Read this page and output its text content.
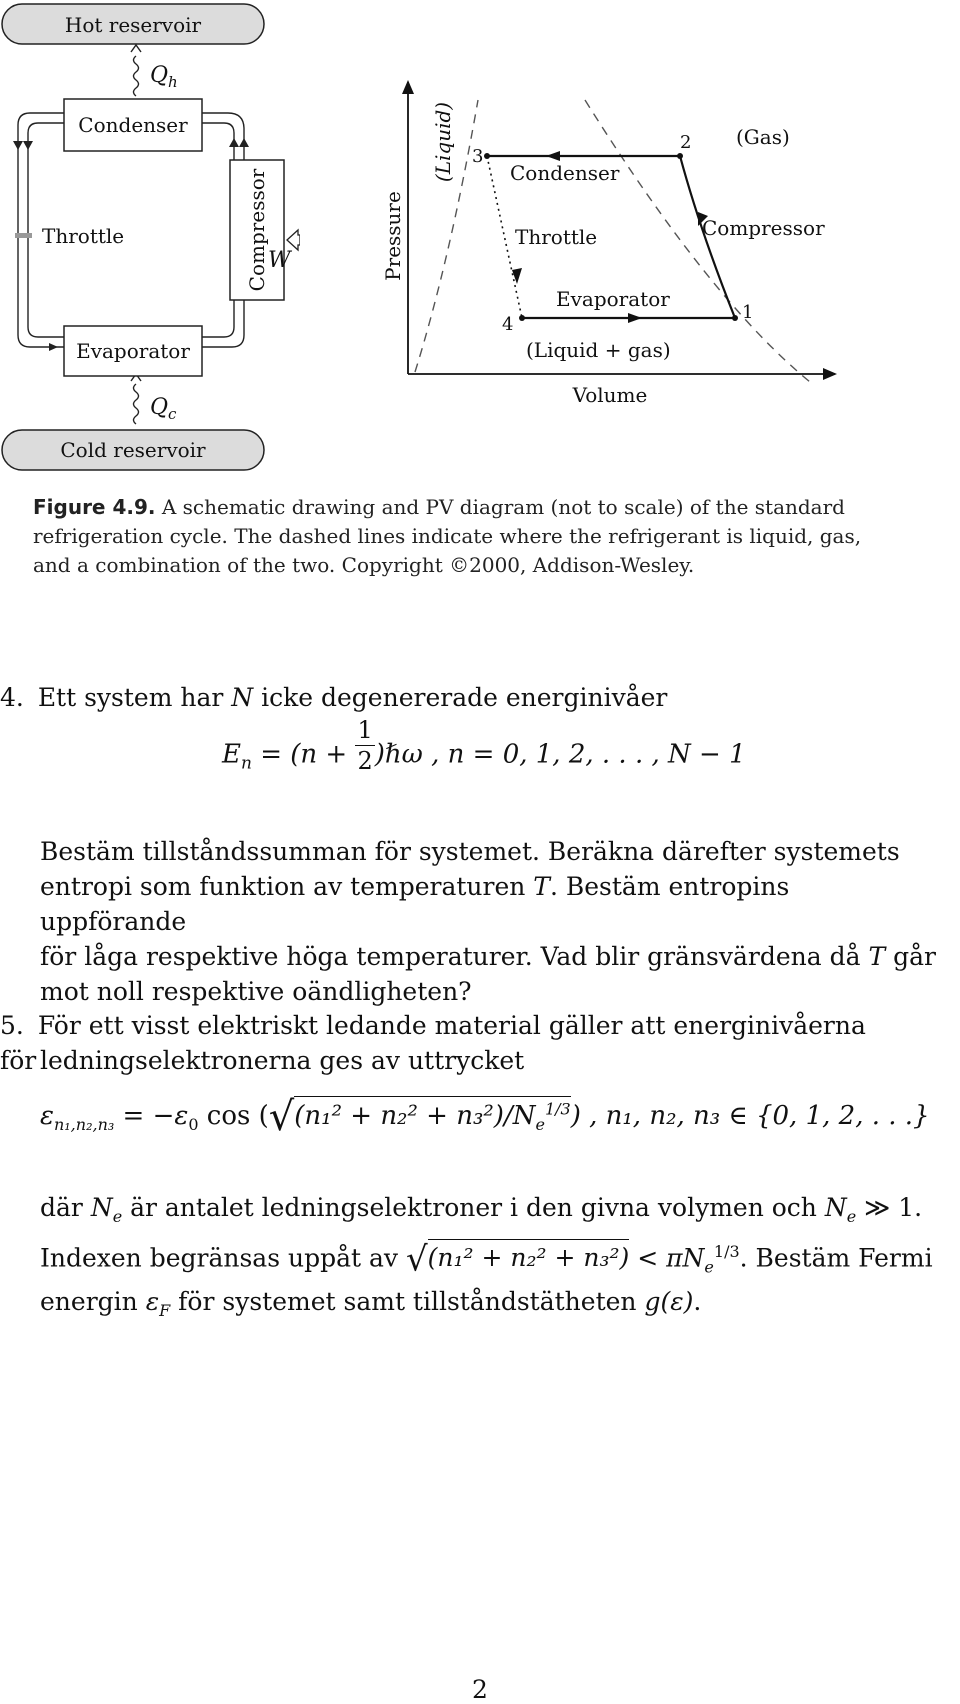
Hot reservoir
Cold reservoir
$Q_h$
$Q_c$
Throttle
Condenser
Evaporator
Compressor W
Volume
Pressure
(Liquid) 3
2
1
4
Condenser
Throttle
Evaporator
Compressor
(Gas)
(Liquid + gas)
Figure 4.9. A schematic drawing and PV diagram (not to scale) of the standard
refrigeration cycle. The dashed lines indicate where the refrigerant is liquid, gas,
and a combination of the two. Copyright ©2000, Addison-Wesley.
4. Ett system har N icke degenererade energinivåer
$E_n = (n + \frac{1}{2}$ )ℏω , n = 0, 1, 2, . . . , N − 1
Bestäm tillståndssumman för systemet. Beräkna därefter systemets
entropi som funktion av temperaturen T. Bestäm entropins uppförande
för låga respektive höga temperaturer. Vad blir gränsvärdena då T går
mot noll respektive oändligheten?
5. För ett visst elektriskt ledande material gäller att energinivåerna för ledningselektronerna ges av uttrycket
$\varepsilon_{n_1,n_2,n_3} = -\varepsilon_0$ $\cos (√(n_1^2 + n_2^2 + n_3^2)/N_e^{1/3})$ , n₁, n₂, n₃ ∈ {0, 1, 2, . . .}
där $N_e$ är antalet ledningselektroner i den givna volymen och $N_e$ ≫ 1.
Indexen begränsas uppåt av $√(n_1^2 + n_2^2 + n_3^2) < \pi N_e^{1/3}$. Bestäm Fermi
energin $\varepsilon_F$ för systemet samt tillståndstätheten g(ε).
2
